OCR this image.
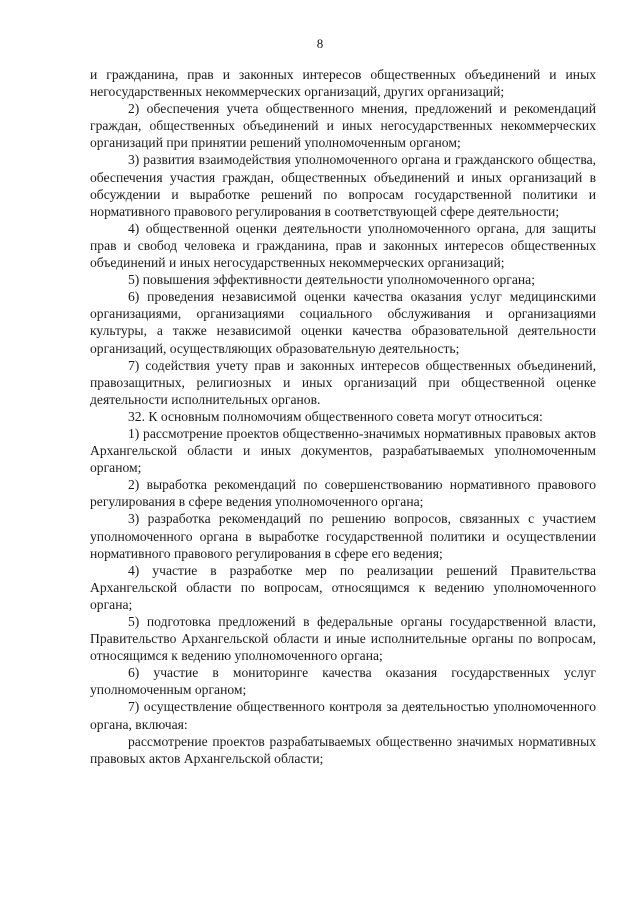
8

и гражданина, прав и законных интересов общественных объединений и иных негосударственных некоммерческих организаций, других организаций;

2) обеспечения учета общественного мнения, предложений и рекомендаций граждан, общественных объединений и иных негосударственных некоммерческих организаций при принятии решений уполномоченным органом;

3) развития взаимодействия уполномоченного органа и гражданского общества, обеспечения участия граждан, общественных объединений и иных организаций в обсуждении и выработке решений по вопросам государственной политики и нормативного правового регулирования в соответствующей сфере деятельности;

4) общественной оценки деятельности уполномоченного органа, для защиты прав и свобод человека и гражданина, прав и законных интересов общественных объединений и иных негосударственных некоммерческих организаций;

5) повышения эффективности деятельности уполномоченного органа;

6) проведения независимой оценки качества оказания услуг медицинскими организациями, организациями социального обслуживания и организациями культуры, а также независимой оценки качества образовательной деятельности организаций, осуществляющих образовательную деятельность;

7) содействия учету прав и законных интересов общественных объединений, правозащитных, религиозных и иных организаций при общественной оценке деятельности исполнительных органов.

32. К основным полномочиям общественного совета могут относиться:

1) рассмотрение проектов общественно-значимых нормативных правовых актов Архангельской области и иных документов, разрабатываемых уполномоченным органом;

2) выработка рекомендаций по совершенствованию нормативного правового регулирования в сфере ведения уполномоченного органа;

3) разработка рекомендаций по решению вопросов, связанных с участием уполномоченного органа в выработке государственной политики и осуществлении нормативного правового регулирования в сфере его ведения;

4) участие в разработке мер по реализации решений Правительства Архангельской области по вопросам, относящимся к ведению уполномоченного органа;

5) подготовка предложений в федеральные органы государственной власти, Правительство Архангельской области и иные исполнительные органы по вопросам, относящимся к ведению уполномоченного органа;

6) участие в мониторинге качества оказания государственных услуг уполномоченным органом;

7) осуществление общественного контроля за деятельностью уполномоченного органа, включая:

рассмотрение проектов разрабатываемых общественно значимых нормативных правовых актов Архангельской области;
